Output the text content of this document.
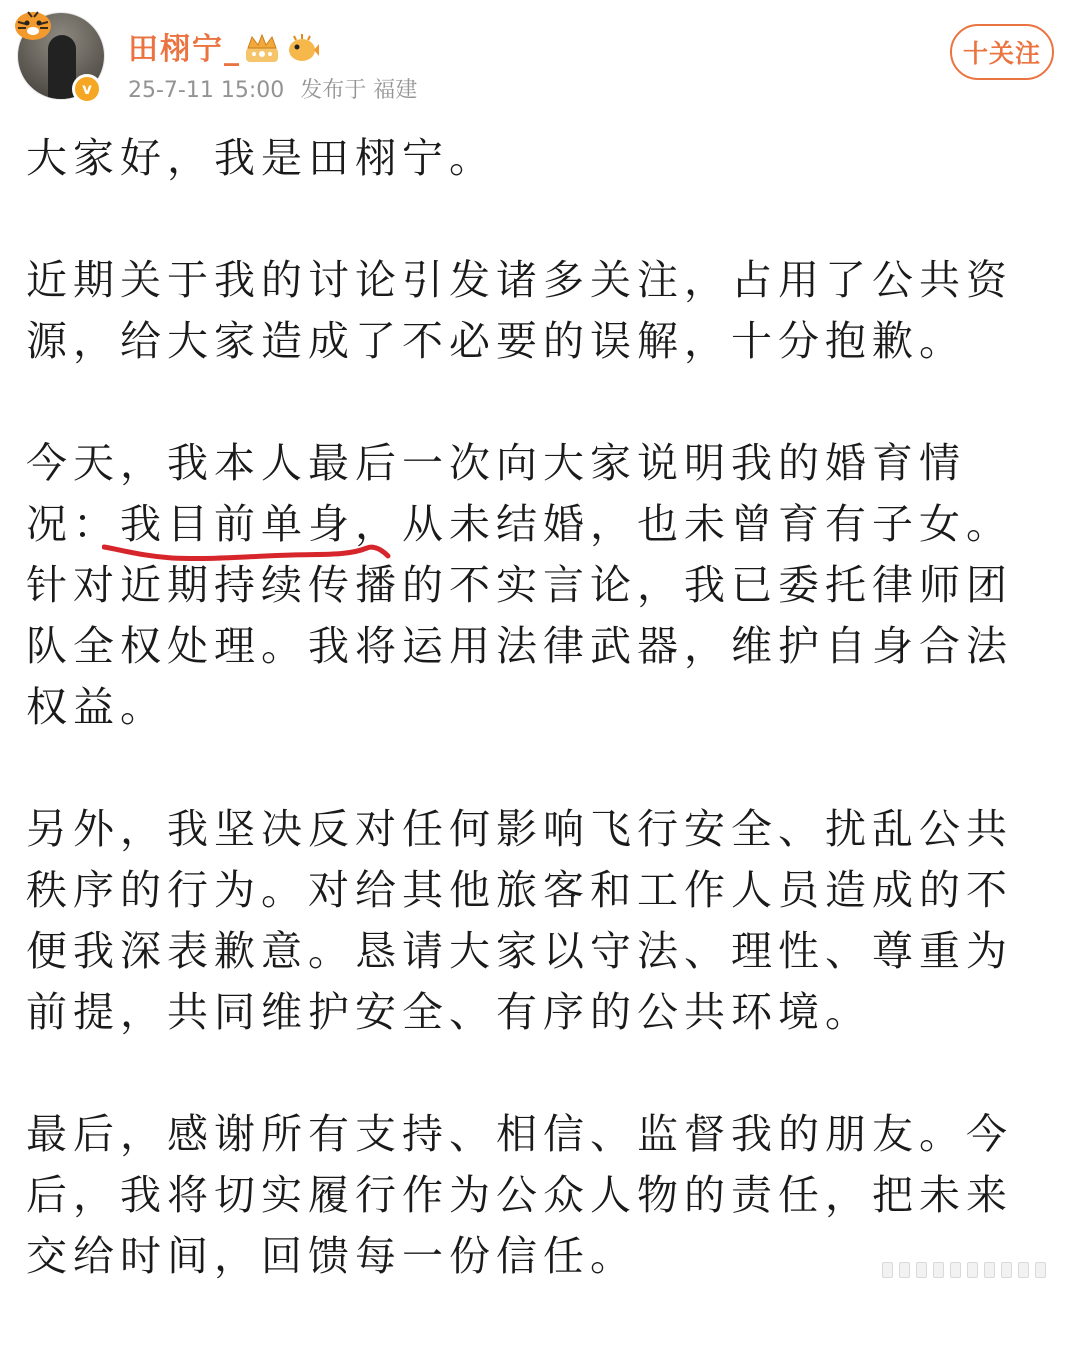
v
田栩宁_
25-7-11 15:00 发布于 福建
十关注

大家好，我是田栩宁。

近期关于我的讨论引发诸多关注，占用了公共资源，给大家造成了不必要的误解，十分抱歉。

今天，我本人最后一次向大家说明我的婚育情况：我目前单身
，从未结婚，也未曾育有子女。针对近期持续传播的不实言论，我已委托律师团队全权处理。我将运用法律武器，维护自身合法权益。

另外，我坚决反对任何影响飞行安全、扰乱公共秩序的行为。对给其他旅客和工作人员造成的不便我深表歉意。恳请大家以守法、理性、尊重为前提，共同维护安全、有序的公共环境。

最后，感谢所有支持、相信、监督我的朋友。今后，我将切实履行作为公众人物的责任，把未来交给时间，回馈每一份信任。
